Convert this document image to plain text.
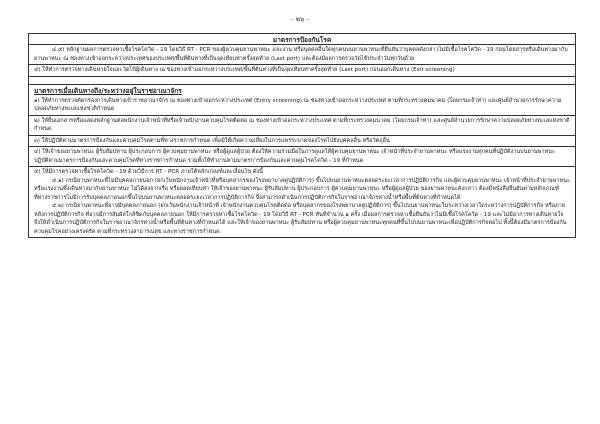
- ๒๖ -
มาตรการป้องกันโรค

๔.๕) หลักฐานผลการตรวจหาเชื้อโรคโควิด - 19 โดยวิธี RT - PCR ของผู้ควบคุมยานพาหนะ และงาน หรือบุคคลอื่นใดทุกคนบนยานพาหนะที่ยืนยันว่าบุคคลดังกล่าวไม่มีเชื้อโรคโควิด - 19 ก่อนโดยสารหรือเดินทางมากับยานพาหนะ ณ ช่องทางเข้าออกระหว่างประเทศของประเทศ/พื้นที่ต้นทางที่เป็นจุดเทียบท่าครั้งสุดท้าย (Last port) และต้องมีผลการตรวจวัดไข้ประจำวันทุกวันด้วย

๕) ให้ทำการตรวจทางเดินหายใจและวัดไข้ผู้เดินทาง ณ ช่องทางเข้าออกระหว่างประเทศ/พื้นที่ต้นทางที่เป็นจุดเทียบท่าครั้งสุดท้าย (Last port) ก่อนออกเดินทาง (Exit screening)

มาตรการเมื่อเดินทางถึง/ระหว่างอยู่ในราชอาณาจักร

๑) ให้ทำการตรวจคัดกรองการเดินทางเข้าราชอาณาจักร ณ ช่องทางเข้าออกระหว่างประเทศ (Entry screening) ณ ช่องทางเข้าออกระหว่างประเทศ ตามที่กระทรวงคมนาคม (โดยกรมเจ้าท่า) และศูนย์อำนวยการรักษาความปลอดภัยทางทะเลแห่งชาติกำหนด

๒) ให้ยื่นเอกสารหรือแสดงหลักฐานต่อพนักงานเจ้าหน้าที่หรือเจ้าพนักงานควบคุมโรคติดต่อ ณ ช่องทางเข้าออกระหว่างประเทศ ตามที่กระทรวงคมนาคม (โดยกรมเจ้าท่า) และศูนย์อำนวยการรักษาความปลอดภัยทางทะเลแห่งชาติกำหนด

๓) ให้ปฏิบัติตามมาตรการป้องกันและควบคุมโรคตามที่ทางราชการกำหนด เพื่อมิให้เกิดความเสี่ยงในการแพร่ระบาดของโรคไปยังบุคคลอื่น หรือวัตถุอื่น

๔) ให้เจ้าของยานพาหนะ ผู้รับสัมปทาน ผู้ประกอบการ ผู้ควบคุมยานพาหนะ หรือผู้ดูแลผู้ป่วย ต้องให้ความร่วมมือในการดูแลให้ผู้ควบคุมยานพาหนะ เจ้าหน้าที่ประจำยานพาหนะ หรือแรงงานทุกคนที่ปฏิบัติงานบนยานพาหนะ ปฏิบัติตามมาตรการป้องกันและควบคุมโรคที่ทางราชการกำหนด รวมทั้งให้ทำงานตามมาตรการป้องกันและควบคุมโรคโควิด - 19 ที่กำหนด

๕) ให้มีการตรวจหาเชื้อโรคโควิด - 19 ด้วยวิธีการ RT - PCR ภายใต้หลักเกณฑ์และเงื่อนไข ดังนี้

๕.๑) กรณียานพาหนะที่ไม่มีบุคคลภายนอก (ยกเว้นพนักงานเจ้าหน้าที่หรือบุคลากรของโรงพยาบาลคู่ปฏิบัติการ) ขึ้นไปบนยานพาหนะตลอดระยะเวลาการปฏิบัติการกิจ และผู้ควบคุมยานพาหนะ เจ้าหน้าที่ประจำยานพาหนะ หรือแรงงานซึ่งเดินทางมากับยานพาหนะ ไม่ได้ลงจากเรือ หรือยอดเทียบท่า ให้เจ้าของยานพาหนะ ผู้รับสัมปทาน ผู้ประกอบการ ผู้ควบคุมยานพาหนะ หรือผู้ดูแลผู้ป่วย ของยานพาหนะดังกล่าว ต้องมีหนังสือยืนยันตามหลักเกณฑ์ที่ทางราชการไม่มีการรับบุคคลภายนอกขึ้นไปบนยานพาหนะตลอดระยะเวลาการปฏิบัติการกิจ จึงสามารถดำเนินการปฏิบัติการกิจในราชอาณาจักรทางน้ำหรือพื้นที่ต้นทางที่กำหนดได้

๕.๒) กรณียานพาหนะที่อาจมีบุคคลภายนอก (ยกเว้นพนักงานเจ้าหน้าที่ เจ้าพนักงานควบคุมโรคติดต่อ หรือบุคลากรของโรงพยาบาลคู่ปฏิบัติการ) ขึ้นไปบนยานพาหนะในระหว่างเวลาใดระหว่างการปฏิบัติการกิจ หรือภายหลังการปฏิบัติการกิจ ที่อาจมีการสัมผัสใกล้ชิดกับบุคคลภายนอก ให้มีการตรวจหาเชื้อโรคโควิด - 19 โดยวิธี RT - PCR ทันทีจำนวน ๑ ครั้ง เมื่อผลการตรวจหาเชื้อยืนยันว่าไม่มีเชื้อโรคโควิด - 19 และไม่มีอาการทางเดินหายใจ จึงให้ดำเนินการปฏิบัติการกิจในราชอาณาจักรทางน้ำหรือพื้นที่ต้นทางที่กำหนดได้ และให้เจ้าของยานพาหนะ ผู้รับสัมปทาน หรือผู้ควบคุมยานพาหนะทุกคนที่ขึ้นไปบนยานพาหนะเพื่อปฏิบัติการกิจต่อไป ทั้งนี้ต้องมีมาตรการป้องกันควบคุมโรคอย่างเคร่งครัด ตามที่กระทรวงสาธารณสุข และทางราชการกำหนด
